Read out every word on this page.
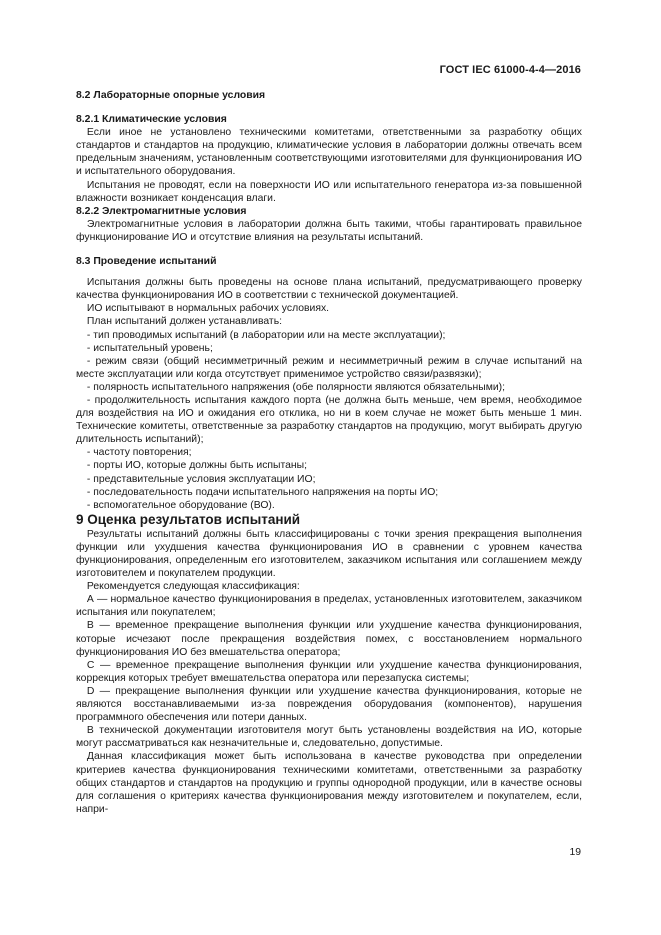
ГОСТ IEC 61000-4-4—2016

8.2 Лабораторные опорные условия

8.2.1 Климатические условия

Если иное не установлено техническими комитетами, ответственными за разработку общих стандартов и стандартов на продукцию, климатические условия в лаборатории должны отвечать всем предельным значениям, установленным соответствующими изготовителями для функционирования ИО и испытательного оборудования.

Испытания не проводят, если на поверхности ИО или испытательного генератора из-за повышенной влажности возникает конденсация влаги.

8.2.2 Электромагнитные условия

Электромагнитные условия в лаборатории должна быть такими, чтобы гарантировать правильное функционирование ИО и отсутствие влияния на результаты испытаний.

8.3 Проведение испытаний

Испытания должны быть проведены на основе плана испытаний, предусматривающего проверку качества функционирования ИО в соответствии с технической документацией.

ИО испытывают в нормальных рабочих условиях.

План испытаний должен устанавливать:

- тип проводимых испытаний (в лаборатории или на месте эксплуатации);

- испытательный уровень;

- режим связи (общий несимметричный режим и несимметричный режим в случае испытаний на месте эксплуатации или когда отсутствует применимое устройство связи/развязки);

- полярность испытательного напряжения (обе полярности являются обязательными);

- продолжительность испытания каждого порта (не должна быть меньше, чем время, необходимое для воздействия на ИО и ожидания его отклика, но ни в коем случае не может быть меньше 1 мин. Технические комитеты, ответственные за разработку стандартов на продукцию, могут выбирать другую длительность испытаний);

- частоту повторения;

- порты ИО, которые должны быть испытаны;

- представительные условия эксплуатации ИО;

- последовательность подачи испытательного напряжения на порты ИО;

- вспомогательное оборудование (ВО).

9 Оценка результатов испытаний

Результаты испытаний должны быть классифицированы с точки зрения прекращения выполнения функции или ухудшения качества функционирования ИО в сравнении с уровнем качества функционирования, определенным его изготовителем, заказчиком испытания или соглашением между изготовителем и покупателем продукции.

Рекомендуется следующая классификация:

А — нормальное качество функционирования в пределах, установленных изготовителем, заказчиком испытания или покупателем;

В — временное прекращение выполнения функции или ухудшение качества функционирования, которые исчезают после прекращения воздействия помех, с восстановлением нормального функционирования ИО без вмешательства оператора;

С — временное прекращение выполнения функции или ухудшение качества функционирования, коррекция которых требует вмешательства оператора или перезапуска системы;

D — прекращение выполнения функции или ухудшение качества функционирования, которые не являются восстанавливаемыми из-за повреждения оборудования (компонентов), нарушения программного обеспечения или потери данных.

В технической документации изготовителя могут быть установлены воздействия на ИО, которые могут рассматриваться как незначительные и, следовательно, допустимые.

Данная классификация может быть использована в качестве руководства при определении критериев качества функционирования техническими комитетами, ответственными за разработку общих стандартов и стандартов на продукцию и группы однородной продукции, или в качестве основы для соглашения о критериях качества функционирования между изготовителем и покупателем, если, напри-

19
